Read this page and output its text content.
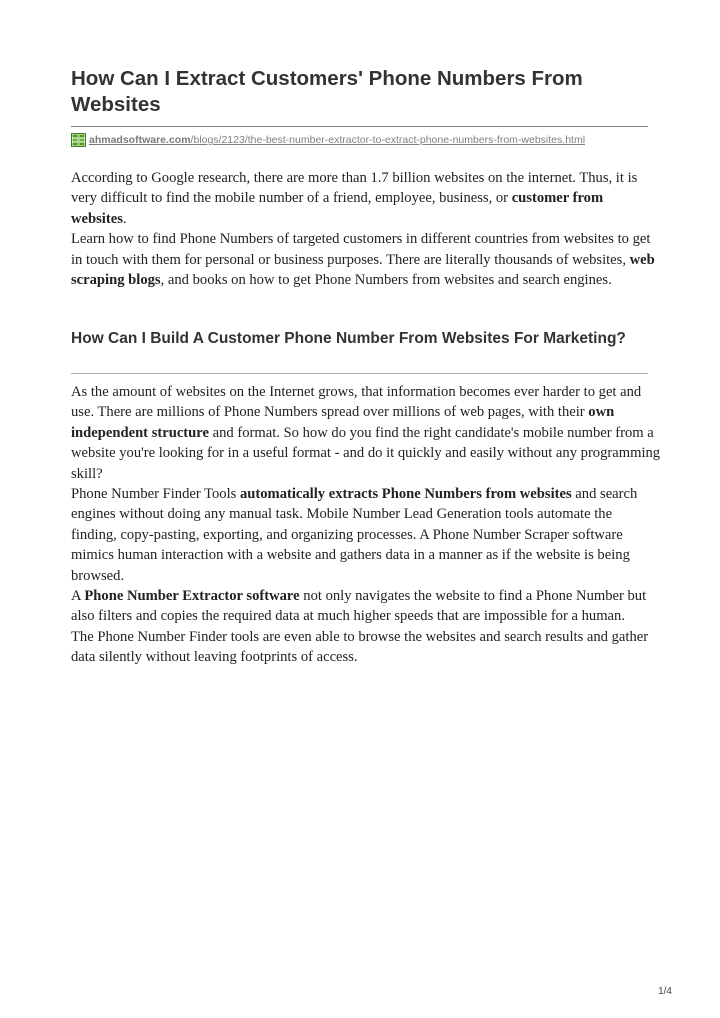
How Can I Extract Customers' Phone Numbers From Websites
ahmadsoftware.com /blogs/2123/the-best-number-extractor-to-extract-phone-numbers-from-websites.html
According to Google research, there are more than 1.7 billion websites on the internet. Thus, it is very difficult to find the mobile number of a friend, employee, business, or customer from websites.
Learn how to find Phone Numbers of targeted customers in different countries from websites to get in touch with them for personal or business purposes. There are literally thousands of websites, web scraping blogs, and books on how to get Phone Numbers from websites and search engines.
How Can I Build A Customer Phone Number From Websites For Marketing?
As the amount of websites on the Internet grows, that information becomes ever harder to get and use. There are millions of Phone Numbers spread over millions of web pages, with their own independent structure and format. So how do you find the right candidate's mobile number from a website you're looking for in a useful format - and do it quickly and easily without any programming skill?
Phone Number Finder Tools automatically extracts Phone Numbers from websites and search engines without doing any manual task. Mobile Number Lead Generation tools automate the finding, copy-pasting, exporting, and organizing processes. A Phone Number Scraper software mimics human interaction with a website and gathers data in a manner as if the website is being browsed.
A Phone Number Extractor software not only navigates the website to find a Phone Number but also filters and copies the required data at much higher speeds that are impossible for a human.
The Phone Number Finder tools are even able to browse the websites and search results and gather data silently without leaving footprints of access.
1/4
